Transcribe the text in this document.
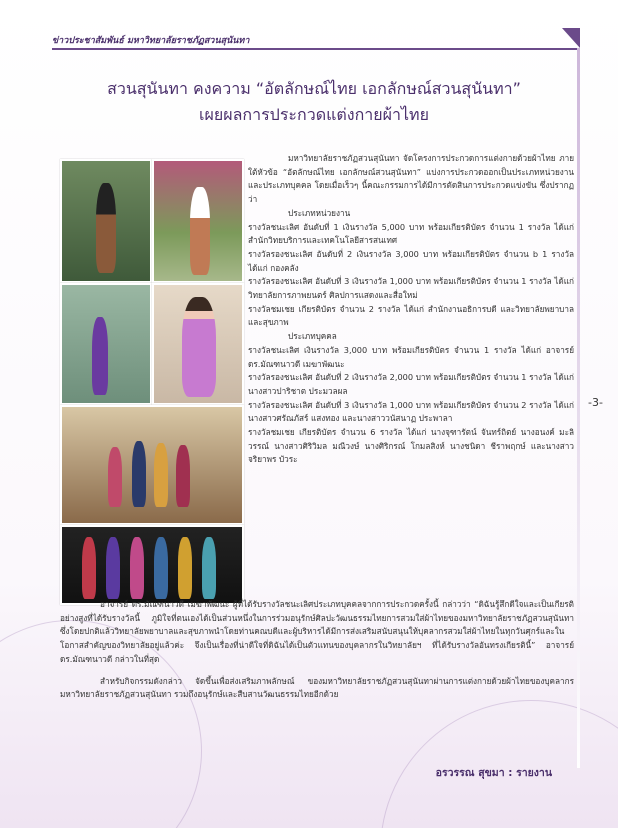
ข่าวประชาสัมพันธ์ มหาวิทยาลัยราชภัฏสวนสุนันทา
สวนสุนันทา คงความ “อัตลักษณ์ไทย เอกลักษณ์สวนสุนันทา”
เผยผลการประกวดแต่งกายผ้าไทย

มหาวิทยาลัยราชภัฏสวนสุนันทา จัดโครงการประกวดการแต่งกายด้วยผ้าไทย ภายใต้หัวข้อ “อัตลักษณ์ไทย เอกลักษณ์สวนสุนันทา” แบ่งการประกวดออกเป็นประเภทหน่วยงานและประเภทบุคคล โดยเมื่อเร็วๆ นี้คณะกรรมการได้มีการตัดสินการประกวดแข่งขัน ซึ่งปรากฏว่า

ประเภทหน่วยงาน

รางวัลชนะเลิศ อันดับที่ 1 เงินรางวัล 5,000 บาท พร้อมเกียรติบัตร จำนวน 1 รางวัล ได้แก่ สำนักวิทยบริการและเทคโนโลยีสารสนเทศ

รางวัลรองชนะเลิศ อันดับที่ 2 เงินรางวัล 3,000 บาท พร้อมเกียรติบัตร จำนวน b 1 รางวัล ได้แก่ กองคลัง

รางวัลรองชนะเลิศ อันดับที่ 3 เงินรางวัล 1,000 บาท พร้อมเกียรติบัตร จำนวน 1 รางวัล ได้แก่ วิทยาลัยการภาพยนตร์ ศิลปการแสดงและสื่อใหม่

รางวัลชมเชย เกียรติบัตร จำนวน 2 รางวัล ได้แก่ สำนักงานอธิการบดี และวิทยาลัยพยาบาลและสุขภาพ

ประเภทบุคคล

รางวัลชนะเลิศ เงินรางวัล 3,000 บาท พร้อมเกียรติบัตร จำนวน 1 รางวัล ได้แก่ อาจารย์ ดร.มัณฑนาวดี เมฆาพัฒนะ

รางวัลรองชนะเลิศ อันดับที่ 2 เงินรางวัล 2,000 บาท พร้อมเกียรติบัตร จำนวน 1 รางวัล ได้แก่ นางสาวปาริชาต ประมวลผล

รางวัลรองชนะเลิศ อันดับที่ 3 เงินรางวัล 1,000 บาท พร้อมเกียรติบัตร จำนวน 2 รางวัล ได้แก่ นางสาวศรัณภัสร์ แสงทอง และนางสาววนัสนาฏ ประพาลา

รางวัลชมเชย เกียรติบัตร จำนวน 6 รางวัล ได้แก่ นางจุฑารัตน์ จันทร์ถิตย์ นางอนงค์ มะลิวรรณ์ นางสาวศิริวิมล มณีวงษ์ นางศิริกรณ์ โกมลสิงห์ นางชนิดา ชีราพฤกษ์ และนางสาวจริยาพร บัวระ

อาจารย์ ดร.มัณฑนาวดี เมฆาพัฒนะ ผู้ที่ได้รับรางวัลชนะเลิศประเภทบุคคลจากการประกวดครั้งนี้ กล่าวว่า “ดิฉันรู้สึกดีใจและเป็นเกียรติอย่างสูงที่ได้รับรางวัลนี้ ภูมิใจที่ตนเองได้เป็นส่วนหนึ่งในการร่วมอนุรักษ์ศิลปะวัฒนธรรมไทยการสวมใส่ผ้าไทยของมหาวิทยาลัยราชภัฏสวนสุนันทา ซึ่งโดยปกติแล้ววิทยาลัยพยาบาลและสุขภาพนำโดยท่านคณบดีและผู้บริหารได้มีการส่งเสริมสนับสนุนให้บุคลากรสวมใส่ผ้าไทยในทุกวันศุกร์และในโอกาสสำคัญของวิทยาลัยอยู่แล้วค่ะ จึงเป็นเรื่องที่น่าดีใจที่ดิฉันได้เป็นตัวแทนของบุคลากรในวิทยาลัยฯ ที่ได้รับรางวัลอันทรงเกียรตินี้” อาจารย์ ดร.มัณฑนาวดี กล่าวในที่สุด

สำหรับกิจกรรมดังกล่าว จัดขึ้นเพื่อส่งเสริมภาพลักษณ์ ของมหาวิทยาลัยราชภัฏสวนสุนันทาผ่านการแต่งกายด้วยผ้าไทยของบุคลากรมหาวิทยาลัยราชภัฏสวนสุนันทา รวมถึงอนุรักษ์และสืบสานวัฒนธรรมไทยอีกด้วย

อรวรรณ สุขมา : รายงาน
-3-
